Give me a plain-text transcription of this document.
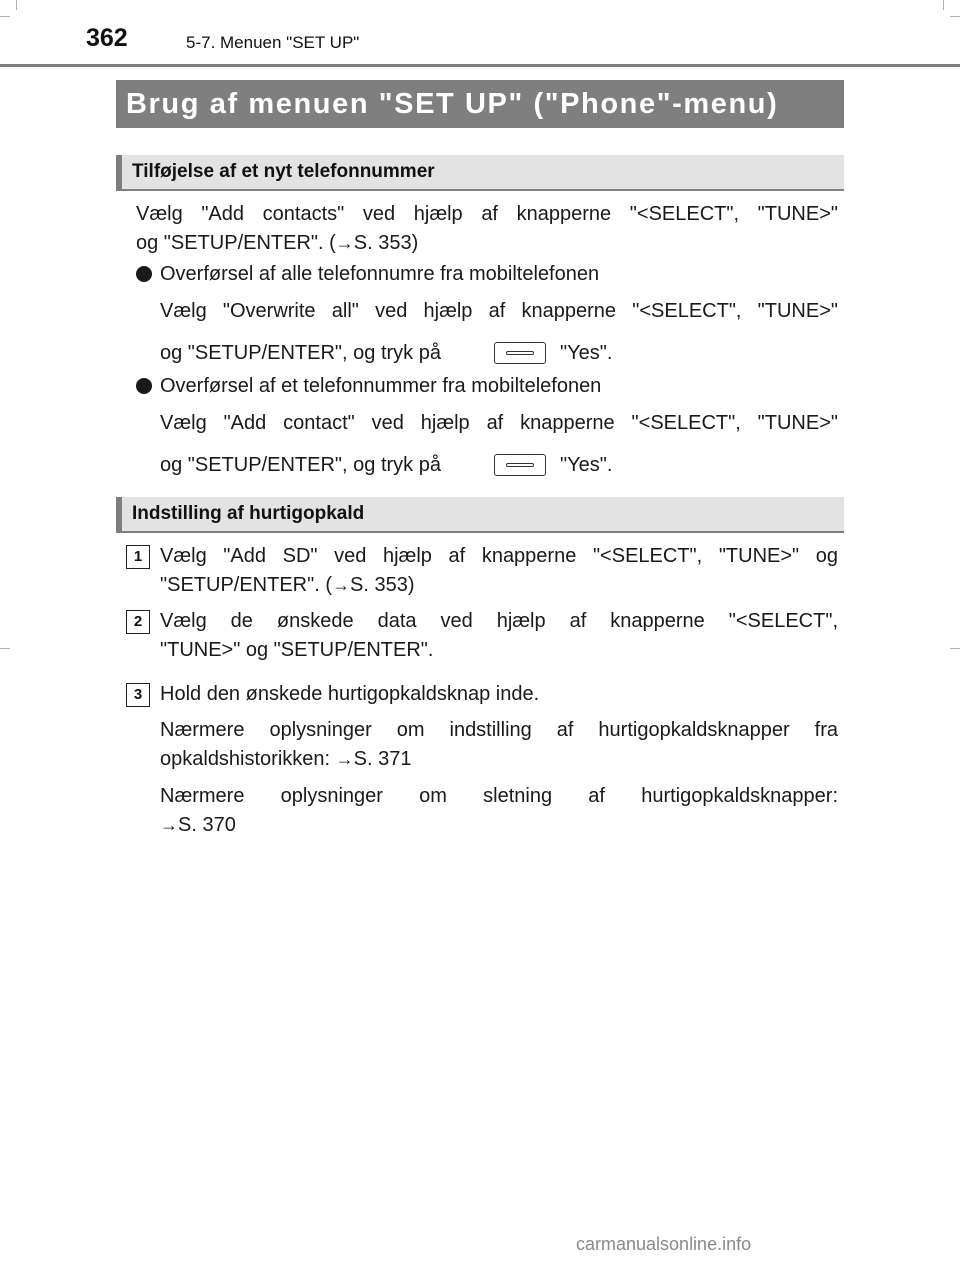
362	5-7. Menuen "SET UP"
Brug af menuen "SET UP" ("Phone"-menu)
Tilføjelse af et nyt telefonnummer
Vælg "Add contacts" ved hjælp af knapperne "<SELECT", "TUNE>"
og "SETUP/ENTER". (→S. 353)
Overførsel af alle telefonnumre fra mobiltelefonen
Vælg "Overwrite all" ved hjælp af knapperne "<SELECT", "TUNE>"
og "SETUP/ENTER", og tryk på	"Yes".
Overførsel af et telefonnummer fra mobiltelefonen
Vælg "Add contact" ved hjælp af knapperne "<SELECT", "TUNE>"
og "SETUP/ENTER", og tryk på	"Yes".
Indstilling af hurtigopkald
1 Vælg "Add SD" ved hjælp af knapperne "<SELECT", "TUNE>" og
"SETUP/ENTER". (→S. 353)
2 Vælg de ønskede data ved hjælp af knapperne "<SELECT",
"TUNE>" og "SETUP/ENTER".
3 Hold den ønskede hurtigopkaldsknap inde.
Nærmere oplysninger om indstilling af hurtigopkaldsknapper fra
opkaldshistorikken: →S. 371
Nærmere oplysninger om sletning af hurtigopkaldsknapper:
→S. 370
carmanualsonline.info
